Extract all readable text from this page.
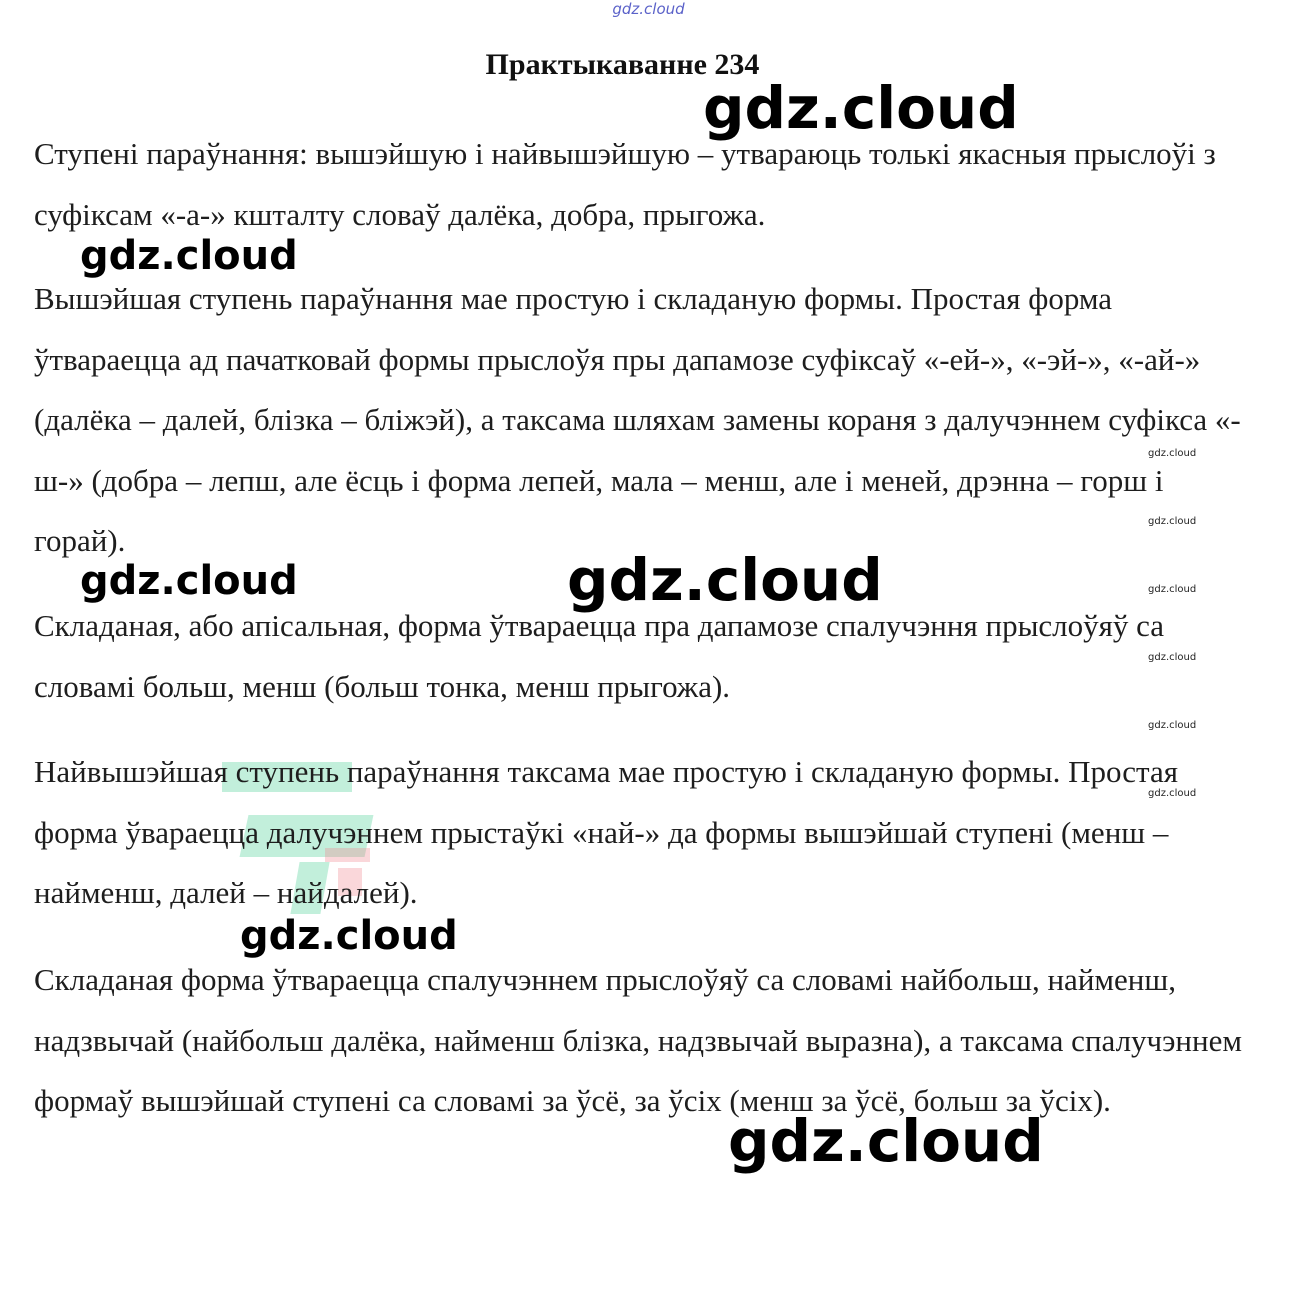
gdz.cloud
Практыкаванне 234

Ступені параўнання: вышэйшую і найвышэйшую – утвараюць толькі якасныя прыслоўі з суфіксам «-а-» кшталту словаў далёка, добра, прыгожа.

Вышэйшая ступень параўнання мае простую і складаную формы. Простая форма ўтвараецца ад пачатковай формы прыслоўя пры дапамозе суфіксаў «-ей-», «-эй-», «-ай-» (далёка – далей, блізка – бліжэй), а таксама шляхам замены кораня з далучэннем суфікса «-ш-» (добра – лепш, але ёсць і форма лепей, мала – менш, але і меней, дрэнна – горш і горай).

Складаная, або апісальная, форма ўтвараецца пра дапамозе спалучэння прыслоўяў са словамі больш, менш (больш тонка, менш прыгожа).

Найвышэйшая ступень параўнання таксама мае простую і складаную формы. Простая форма ўвараецца далучэннем прыстаўкі «най-» да формы вышэйшай ступені (менш – найменш, далей – найдалей).

Складаная форма ўтвараецца спалучэннем прыслоўяў са словамі найбольш, найменш, надзвычай (найбольш далёка, найменш блізка, надзвычай выразна), а таксама спалучэннем формаў вышэйшай ступені са словамі за ўсё, за ўсіх (менш за ўсё, больш за ўсіх).

gdz.cloud
gdz.cloud
gdz.cloud
gdz.cloud
gdz.cloud
gdz.cloud
gdz.cloud
gdz.cloud
gdz.cloud
gdz.cloud
gdz.cloud
gdz.cloud
